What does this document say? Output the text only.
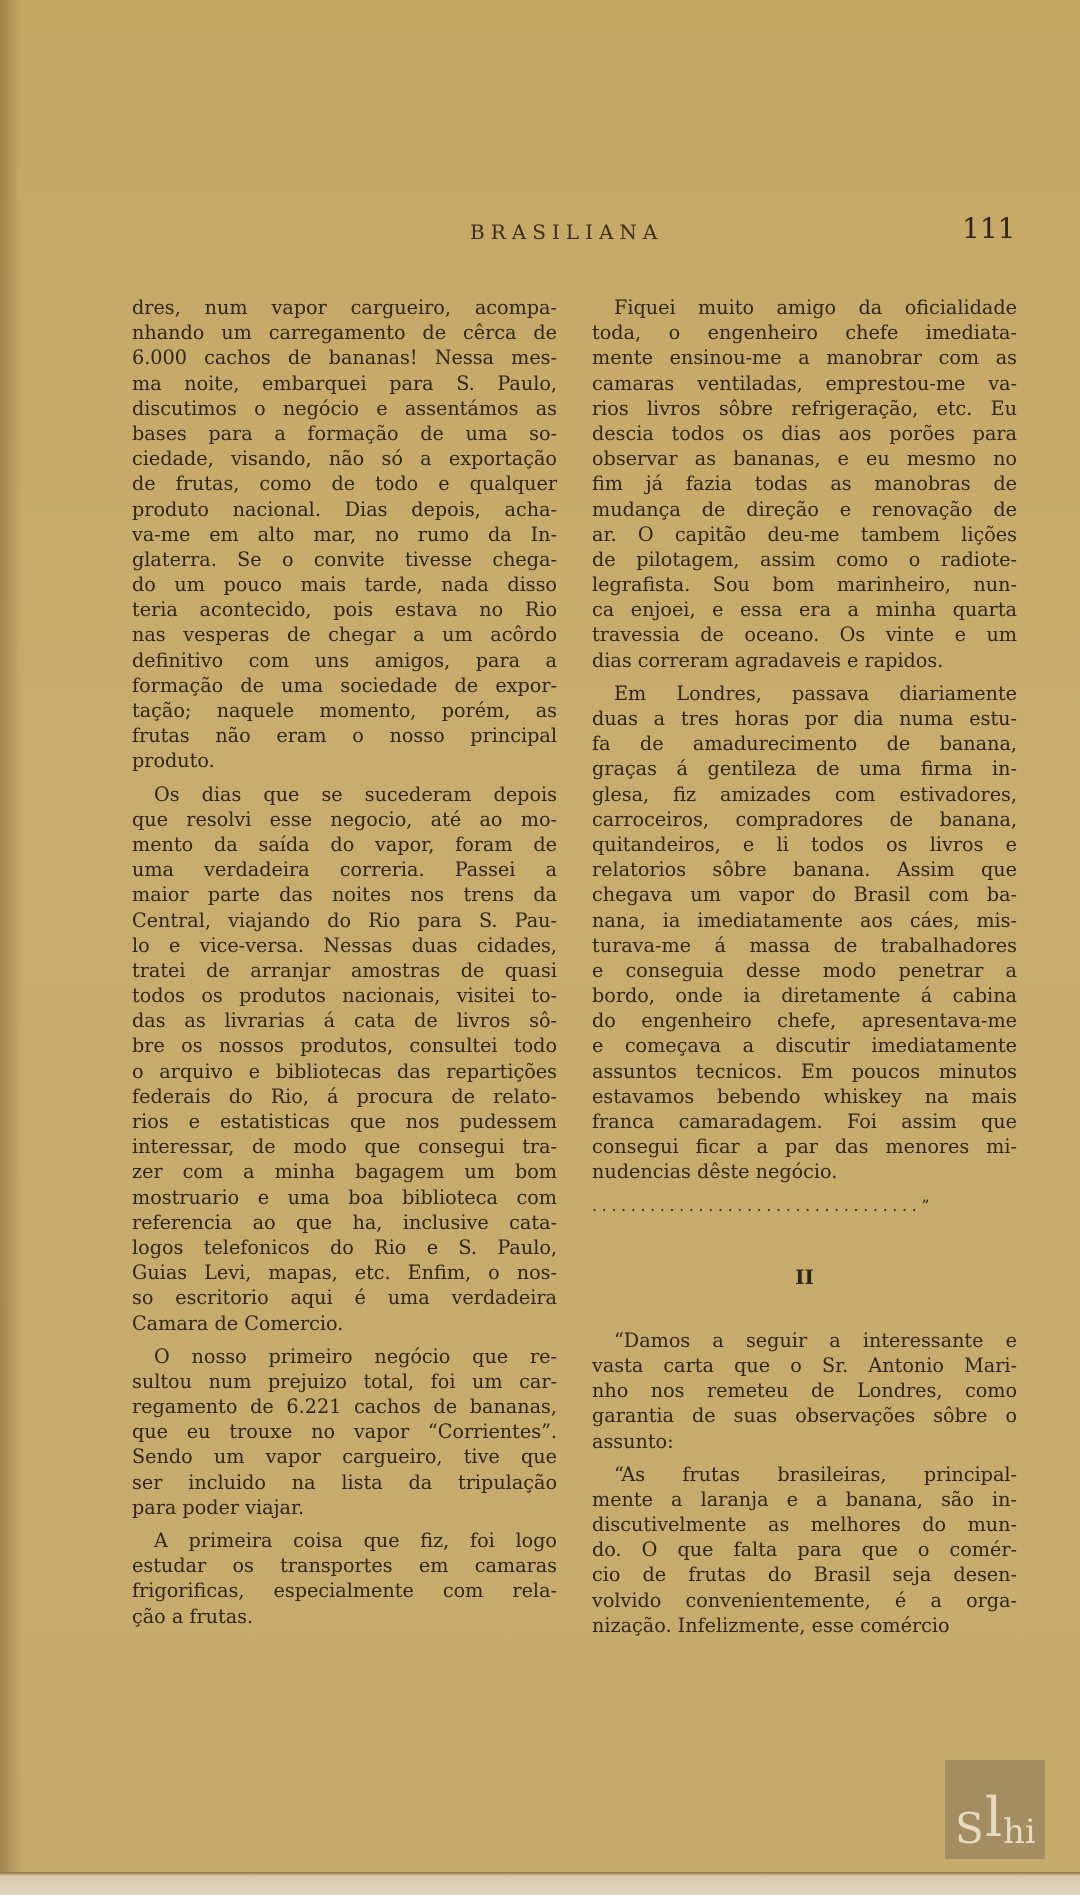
BRASILIANA	111
dres, num vapor cargueiro, acompa-
nhando um carregamento de cêrca de
6.000 cachos de bananas! Nessa mes-
ma noite, embarquei para S. Paulo,
discutimos o negócio e assentámos as
bases para a formação de uma so-
ciedade, visando, não só a exportação
de frutas, como de todo e qualquer
produto nacional. Dias depois, acha-
va-me em alto mar, no rumo da In-
glaterra. Se o convite tivesse chega-
do um pouco mais tarde, nada disso
teria acontecido, pois estava no Rio
nas vesperas de chegar a um acôrdo
definitivo com uns amigos, para a
formação de uma sociedade de expor-
tação; naquele momento, porém, as
frutas não eram o nosso principal
produto.
Os dias que se sucederam depois
que resolvi esse negocio, até ao mo-
mento da saída do vapor, foram de
uma verdadeira correria. Passei a
maior parte das noites nos trens da
Central, viajando do Rio para S. Pau-
lo e vice-versa. Nessas duas cidades,
tratei de arranjar amostras de quasi
todos os produtos nacionais, visitei to-
das as livrarias á cata de livros sô-
bre os nossos produtos, consultei todo
o arquivo e bibliotecas das repartições
federais do Rio, á procura de relato-
rios e estatisticas que nos pudessem
interessar, de modo que consegui tra-
zer com a minha bagagem um bom
mostruario e uma boa biblioteca com
referencia ao que ha, inclusive cata-
logos telefonicos do Rio e S. Paulo,
Guias Levi, mapas, etc. Enfim, o nos-
so escritorio aqui é uma verdadeira
Camara de Comercio.
O nosso primeiro negócio que re-
sultou num prejuizo total, foi um car-
regamento de 6.221 cachos de bananas,
que eu trouxe no vapor “Corrientes”.
Sendo um vapor cargueiro, tive que
ser incluido na lista da tripulação
para poder viajar.
A primeira coisa que fiz, foi logo
estudar os transportes em camaras
frigorificas, especialmente com rela-
ção a frutas.
Fiquei muito amigo da oficialidade
toda, o engenheiro chefe imediata-
mente ensinou-me a manobrar com as
camaras ventiladas, emprestou-me va-
rios livros sôbre refrigeração, etc. Eu
descia todos os dias aos porões para
observar as bananas, e eu mesmo no
fim já fazia todas as manobras de
mudança de direção e renovação de
ar. O capitão deu-me tambem lições
de pilotagem, assim como o radiote-
legrafista. Sou bom marinheiro, nun-
ca enjoei, e essa era a minha quarta
travessia de oceano. Os vinte e um
dias correram agradaveis e rapidos.
Em Londres, passava diariamente
duas a tres horas por dia numa estu-
fa de amadurecimento de banana,
graças á gentileza de uma firma in-
glesa, fiz amizades com estivadores,
carroceiros, compradores de banana,
quitandeiros, e li todos os livros e
relatorios sôbre banana. Assim que
chegava um vapor do Brasil com ba-
nana, ia imediatamente aos cáes, mis-
turava-me á massa de trabalhadores
e conseguia desse modo penetrar a
bordo, onde ia diretamente á cabina
do engenheiro chefe, apresentava-me
e começava a discutir imediatamente
assuntos tecnicos. Em poucos minutos
estavamos bebendo whiskey na mais
franca camaradagem. Foi assim que
consegui ficar a par das menores mi-
nudencias dêste negócio.
..................................”
II
“Damos a seguir a interessante e
vasta carta que o Sr. Antonio Mari-
nho nos remeteu de Londres, como
garantia de suas observações sôbre o
assunto:
“As frutas brasileiras, principal-
mente a laranja e a banana, são in-
discutivelmente as melhores do mun-
do. O que falta para que o comér-
cio de frutas do Brasil seja desen-
volvido convenientemente, é a orga-
nização. Infelizmente, esse comércio
S l hi
